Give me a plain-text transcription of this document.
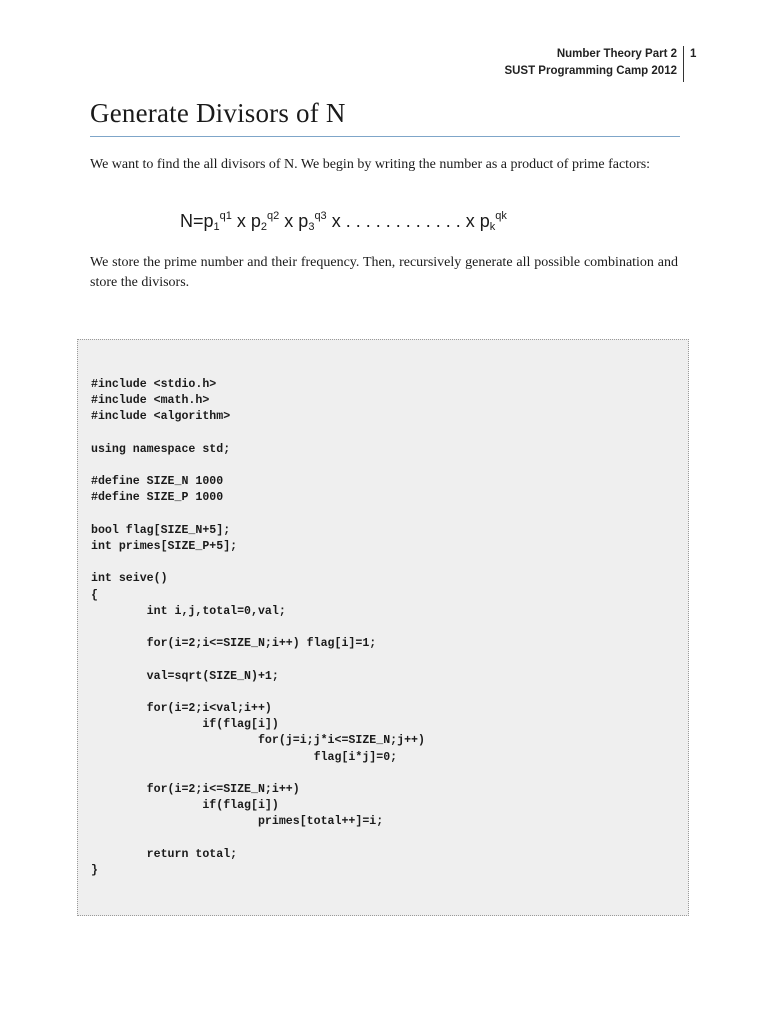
Number Theory Part 2
SUST Programming Camp 2012
1
Generate Divisors of N

We want to find the all divisors of N. We begin by writing the number as a product of prime factors:

$N=p_1^{q1}$ x $p_2^{q2}$ x $p_3^{q3}$ x . . . . . . . . . . . . x $p_k^{qk}$

We store the prime number and their frequency. Then, recursively generate all possible combination and store the divisors.

#include <stdio.h>
#include <math.h>
#include <algorithm>
using namespace std;
#define SIZE_N 1000
#define SIZE_P 1000
bool flag[SIZE_N+5];
int primes[SIZE_P+5];
int seive()
{
int i,j,total=0,val;
for(i=2;i<=SIZE_N;i++) flag[i]=1;
val=sqrt(SIZE_N)+1;
for(i=2;i<val;i++)
if(flag[i])
for(j=i;j*i<=SIZE_N;j++)
flag[i*j]=0;
for(i=2;i<=SIZE_N;i++)
if(flag[i])
primes[total++]=i;
return total;
}
